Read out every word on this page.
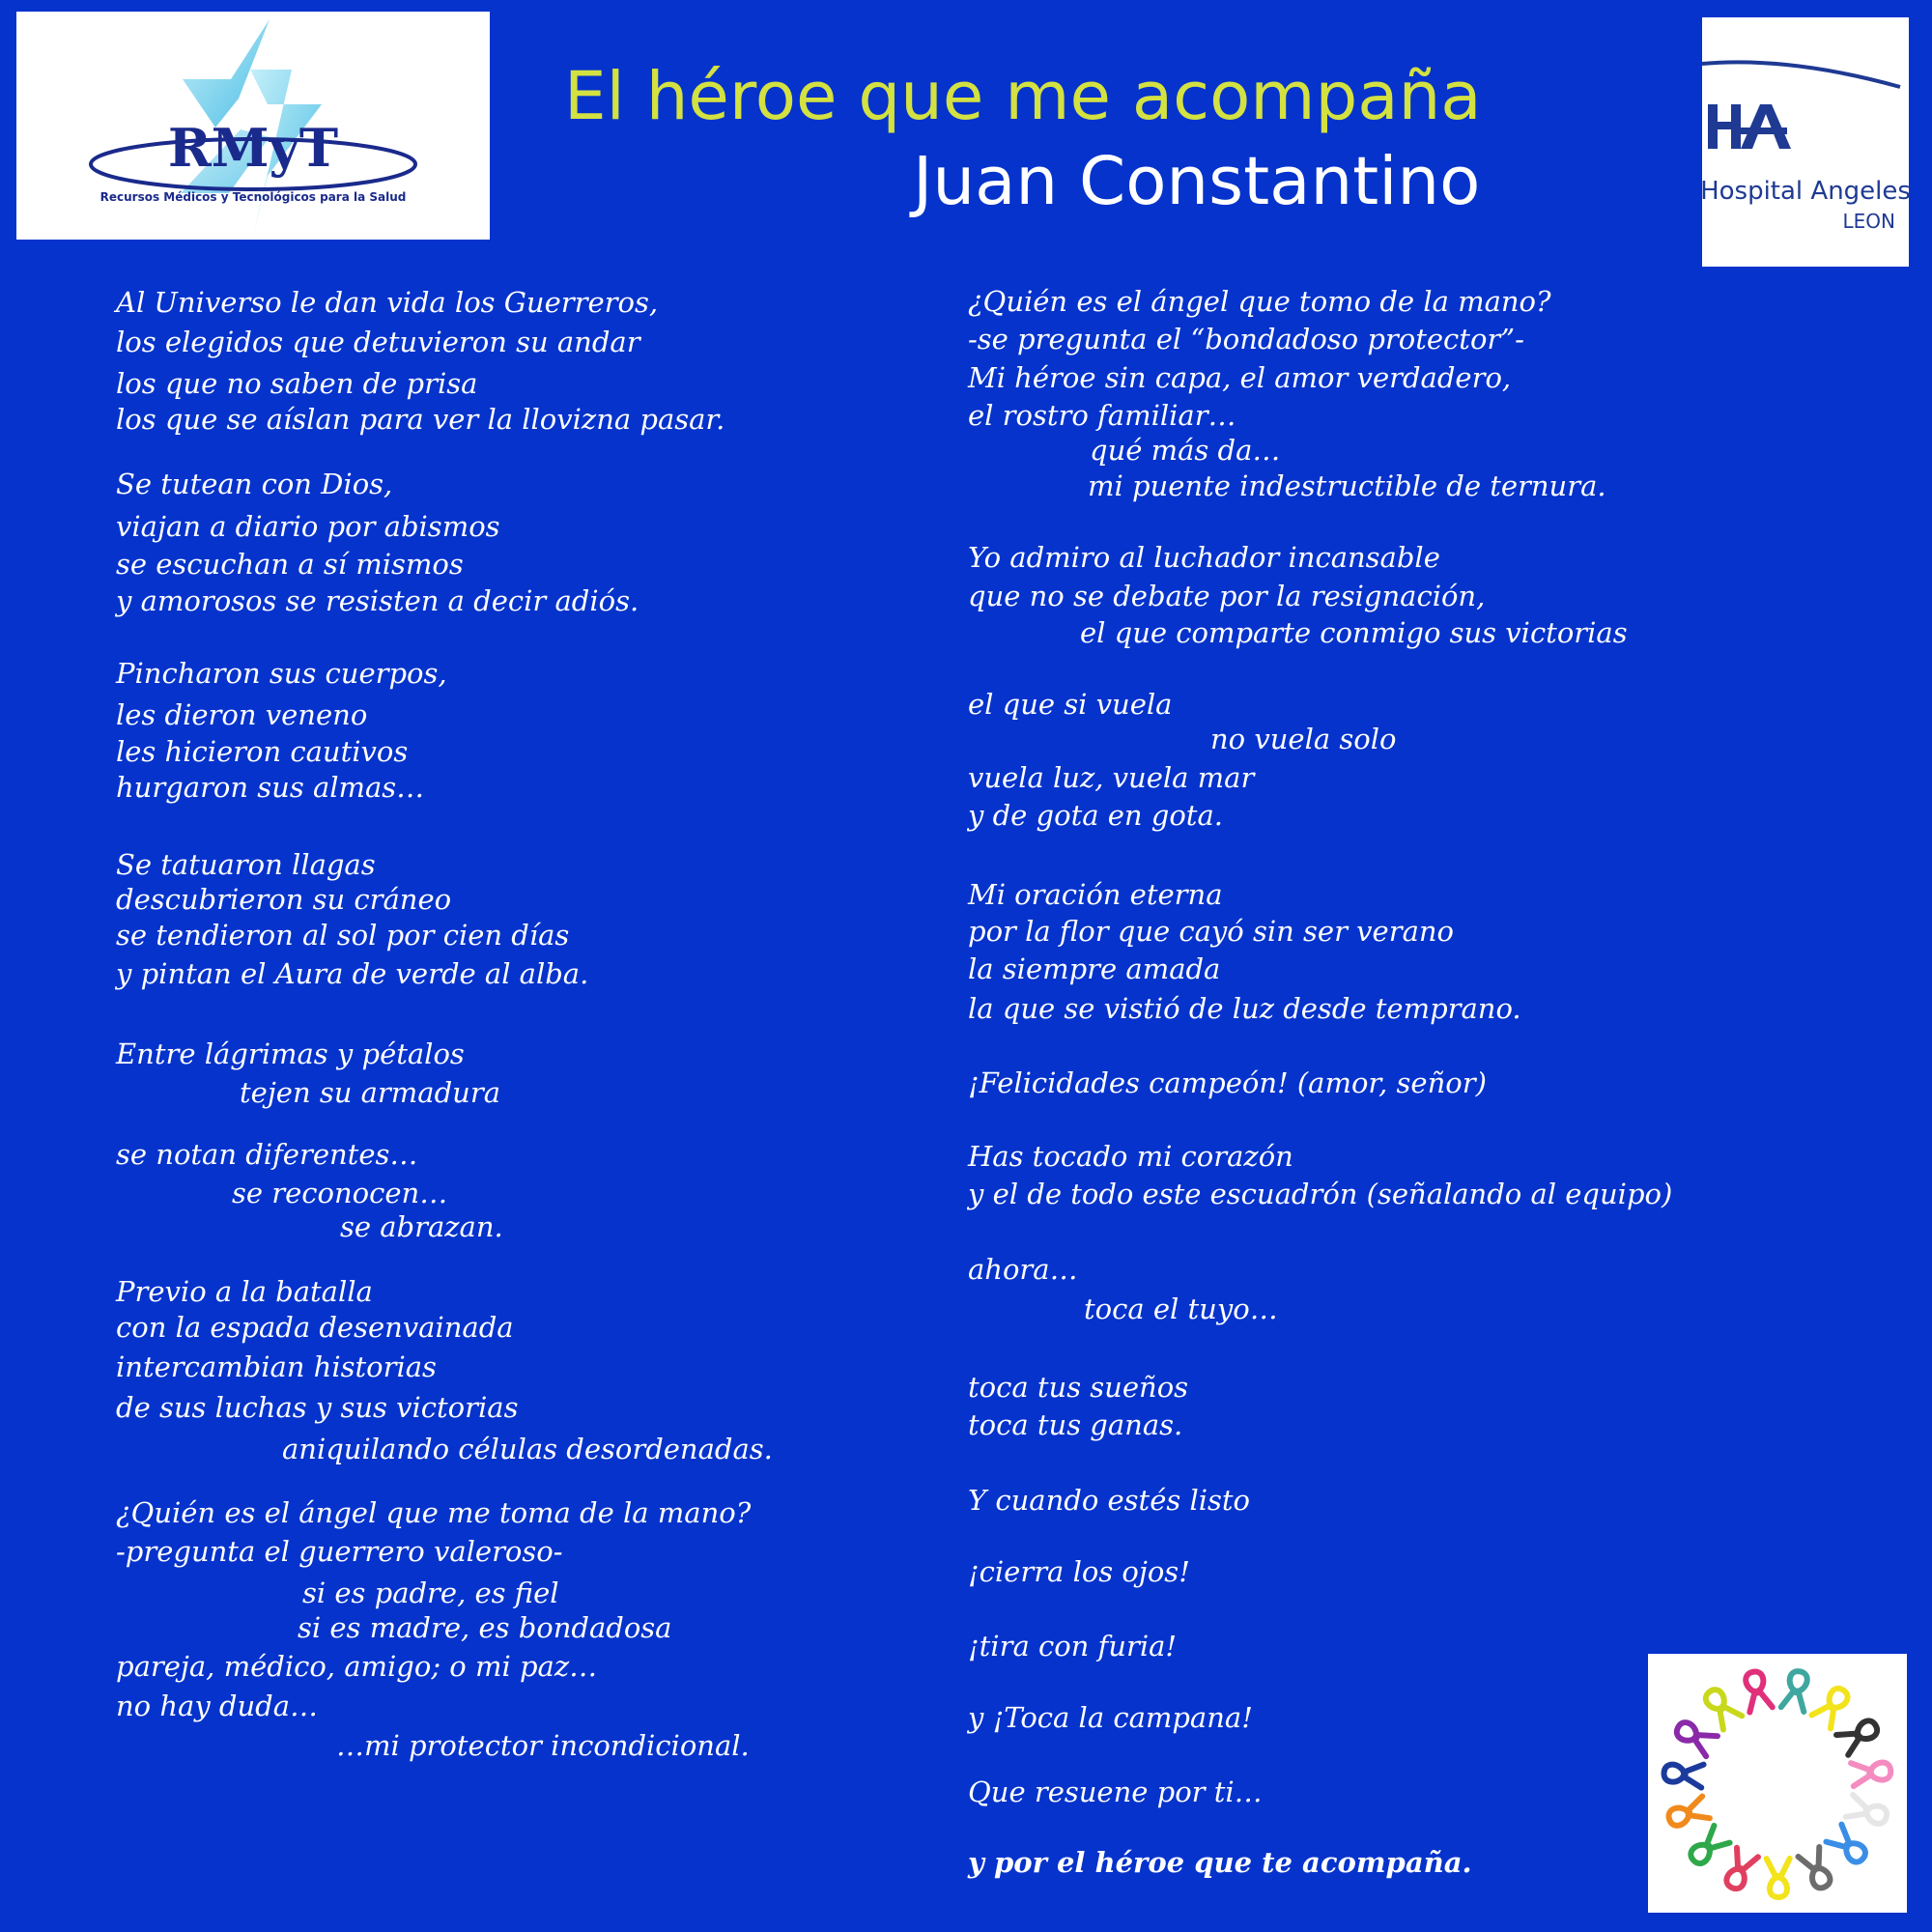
RMyT
Recursos Médicos y Tecnológicos para la Salud	Hospital Angeles
LEON
El héroe que me acompaña
Juan Constantino
Al Universo le dan vida los Guerreros,
los elegidos que detuvieron su andar
los que no saben de prisa
los que se aíslan para ver la llovizna pasar.
Se tutean con Dios,
viajan a diario por abismos
se escuchan a sí mismos
y amorosos se resisten a decir adiós.
Pincharon sus cuerpos,
les dieron veneno
les hicieron cautivos
hurgaron sus almas…
Se tatuaron llagas
descubrieron su cráneo
se tendieron al sol por cien días
y pintan el Aura de verde al alba.
Entre lágrimas y pétalos
tejen su armadura
se notan diferentes…
se reconocen…
se abrazan.
Previo a la batalla
con la espada desenvainada
intercambian historias
de sus luchas y sus victorias
aniquilando células desordenadas.
¿Quién es el ángel que me toma de la mano?
-pregunta el guerrero valeroso-
si es padre, es fiel
si es madre, es bondadosa
pareja, médico, amigo; o mi paz…
no hay duda…
…mi protector incondicional.
¿Quién es el ángel que tomo de la mano?
-se pregunta el “bondadoso protector”-
Mi héroe sin capa, el amor verdadero,
el rostro familiar…
qué más da…
mi puente indestructible de ternura.
Yo admiro al luchador incansable
que no se debate por la resignación,
el que comparte conmigo sus victorias
el que si vuela
no vuela solo
vuela luz, vuela mar
y de gota en gota.
Mi oración eterna
por la flor que cayó sin ser verano
la siempre amada
la que se vistió de luz desde temprano.
¡Felicidades campeón! (amor, señor)
Has tocado mi corazón
y el de todo este escuadrón (señalando al equipo)
ahora…
toca el tuyo…
toca tus sueños
toca tus ganas.
Y cuando estés listo
¡cierra los ojos!
¡tira con furia!
y ¡Toca la campana!
Que resuene por ti…
y por el héroe que te acompaña.
